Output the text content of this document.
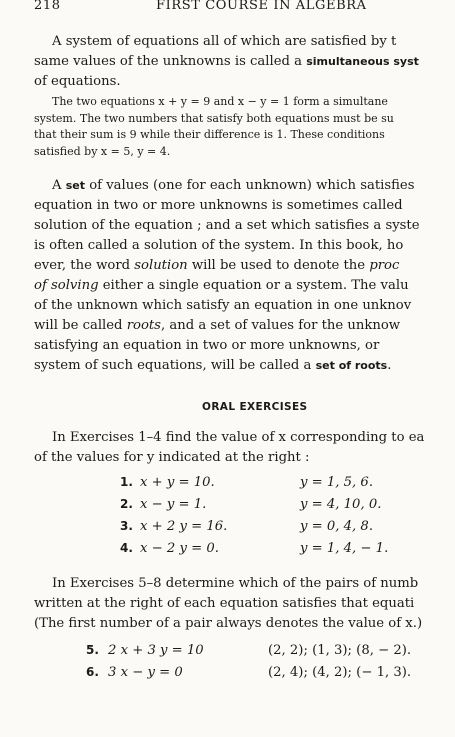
218	FIRST COURSE IN ALGEBRA
A system of equations all of which are satisfied by t
same values of the unknowns is called a simultaneous syst
of equations.
The two equations x + y = 9 and x − y = 1 form a simultane
system. The two numbers that satisfy both equations must be su
that their sum is 9 while their difference is 1. These conditions
satisfied by x = 5, y = 4.
A set of values (one for each unknown) which satisfies
equation in two or more unknowns is sometimes called
solution of the equation ; and a set which satisfies a syste
is often called a solution of the system. In this book, ho
ever, the word solution will be used to denote the proc
of solving either a single equation or a system. The valu
of the unknown which satisfy an equation in one unknov
will be called roots, and a set of values for the unknow
satisfying an equation in two or more unknowns, or
system of such equations, will be called a set of roots.
ORAL EXERCISES
In Exercises 1–4 find the value of x corresponding to ea
of the values for y indicated at the right :
1. x + y = 10.	y = 1, 5, 6.
2. x − y = 1.	y = 4, 10, 0.
3. x + 2 y = 16.	y = 0, 4, 8.
4. x − 2 y = 0.	y = 1, 4, − 1.
In Exercises 5–8 determine which of the pairs of numb
written at the right of each equation satisfies that equati
(The first number of a pair always denotes the value of x.)
5. 2 x + 3 y = 10	(2, 2); (1, 3); (8, − 2).
6. 3 x − y = 0	(2, 4); (4, 2); (− 1, 3).
